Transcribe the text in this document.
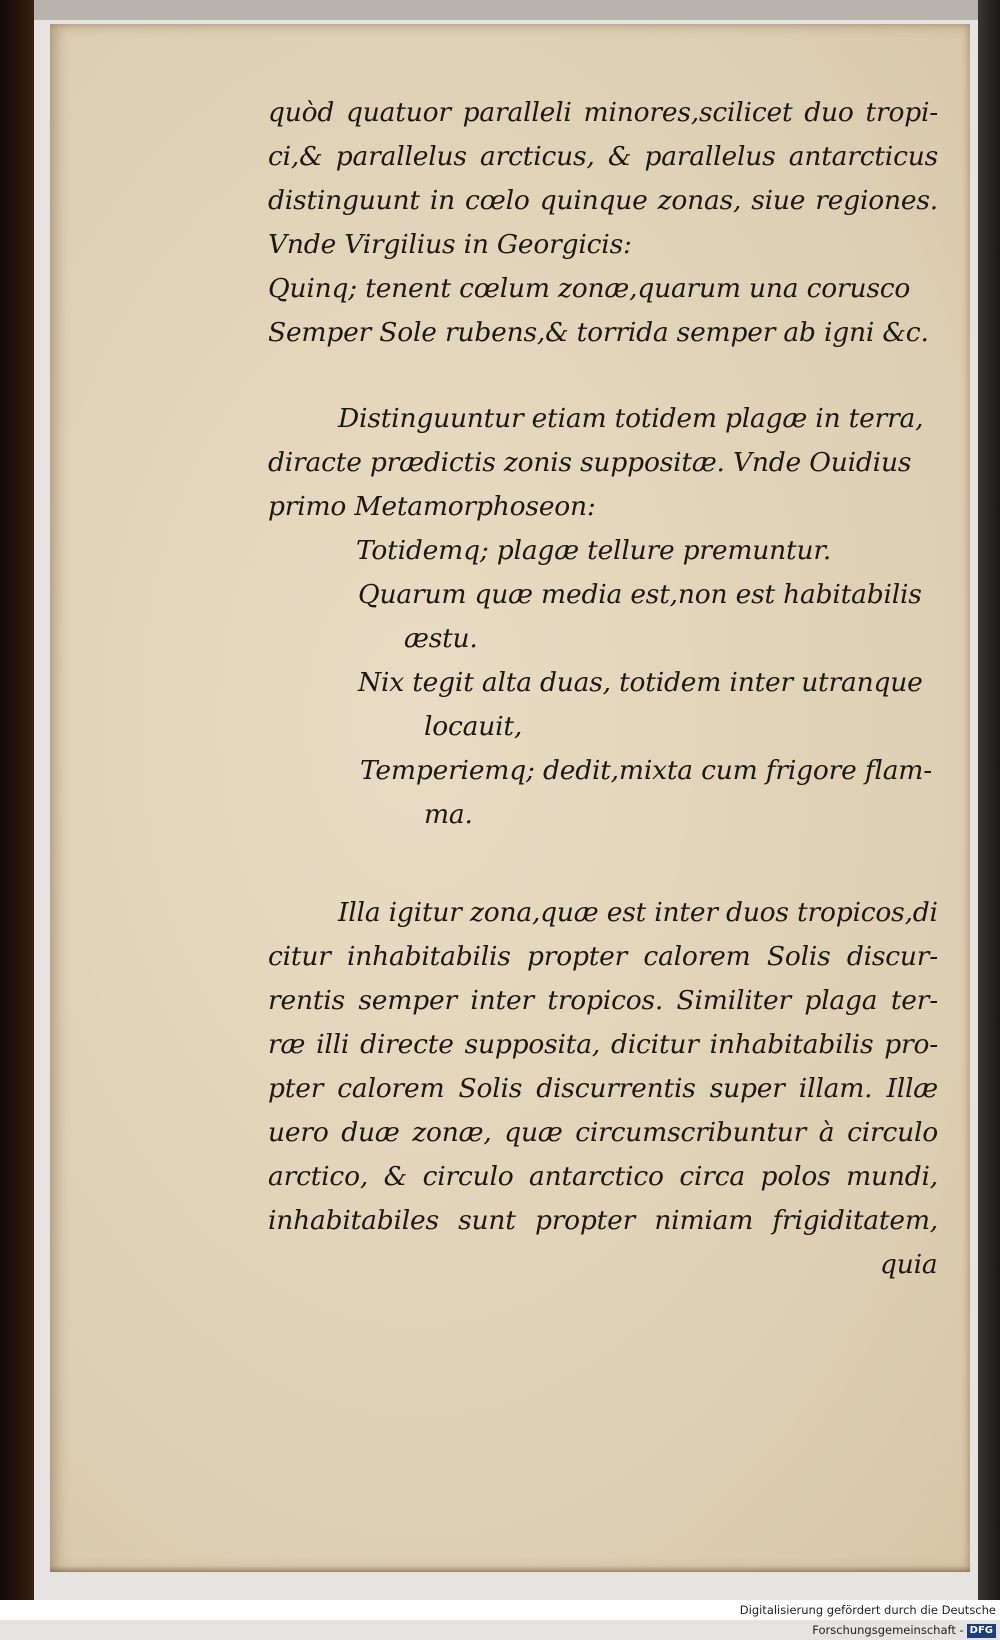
quòd quatuor paralleli minores,scilicet duo tropi-
ci,& parallelus arcticus, & parallelus antarcticus
distinguunt in cœlo quinque zonas, siue regiones.
Vnde Virgilius in Georgicis:
Quinq; tenent cœlum zonæ,quarum una corusco
Semper Sole rubens,& torrida semper ab igni &c.
Distinguuntur etiam totidem plagæ in terra,
diracte prædictis zonis suppositæ. Vnde Ouidius
primo Metamorphoseon:
Totidemq; plagæ tellure premuntur.
Quarum quæ media est,non est habitabilis
æstu.
Nix tegit alta duas, totidem inter utranque
locauit,
Temperiemq; dedit,mixta cum frigore flam-
ma.
Illa igitur zona,quæ est inter duos tropicos,di
citur inhabitabilis propter calorem Solis discur-
rentis semper inter tropicos. Similiter plaga ter-
ræ illi directe supposita, dicitur inhabitabilis pro-
pter calorem Solis discurrentis super illam. Illæ
uero duæ zonæ, quæ circumscribuntur à circulo
arctico, & circulo antarctico circa polos mundi,
inhabitabiles sunt propter nimiam frigiditatem,
quia
Digitalisierung gefördert durch die Deutsche Forschungsgemeinschaft - DFG
